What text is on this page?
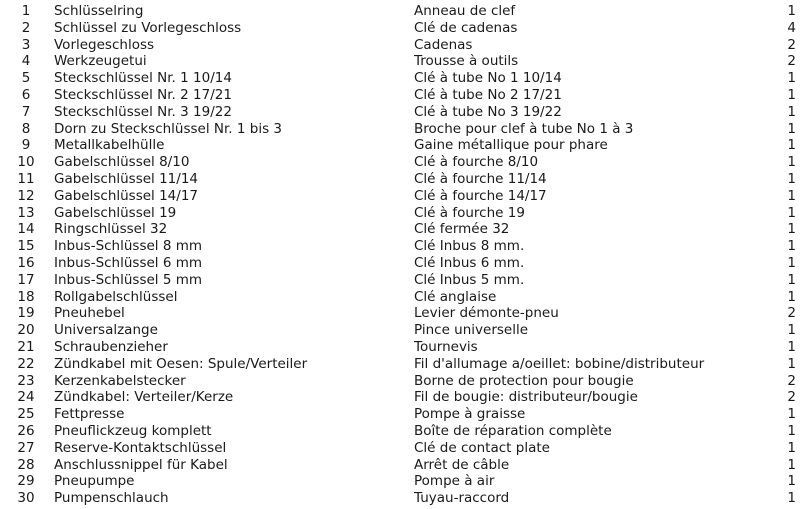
1	Schlüsselring	Anneau de clef	1
2	Schlüssel zu Vorlegeschloss	Clé de cadenas	4
3	Vorlegeschloss	Cadenas	2
4	Werkzeugetui	Trousse à outils	2
5	Steckschlüssel Nr. 1 10/14	Clé à tube No 1 10/14	1
6	Steckschlüssel Nr. 2 17/21	Clé à tube No 2 17/21	1
7	Steckschlüssel Nr. 3 19/22	Clé à tube No 3 19/22	1
8	Dorn zu Steckschlüssel Nr. 1 bis 3	Broche pour clef à tube No 1 à 3	1
9	Metallkabelhülle	Gaine métallique pour phare	1
10	Gabelschlüssel 8/10	Clé à fourche 8/10	1
11	Gabelschlüssel 11/14	Clé à fourche 11/14	1
12	Gabelschlüssel 14/17	Clé à fourche 14/17	1
13	Gabelschlüssel 19	Clé à fourche 19	1
14	Ringschlüssel 32	Clé fermée 32	1
15	Inbus-Schlüssel 8 mm	Clé Inbus 8 mm.	1
16	Inbus-Schlüssel 6 mm	Clé Inbus 6 mm.	1
17	Inbus-Schlüssel 5 mm	Clé Inbus 5 mm.	1
18	Rollgabelschlüssel	Clé anglaise	1
19	Pneuhebel	Levier démonte-pneu	2
20	Universalzange	Pince universelle	1
21	Schraubenzieher	Tournevis	1
22	Zündkabel mit Oesen: Spule/Verteiler	Fil d'allumage a/oeillet: bobine/distributeur	1
23	Kerzenkabelstecker	Borne de protection pour bougie	2
24	Zündkabel: Verteiler/Kerze	Fil de bougie: distributeur/bougie	2
25	Fettpresse	Pompe à graisse	1
26	Pneuflickzeug komplett	Boîte de réparation complète	1
27	Reserve-Kontaktschlüssel	Clé de contact plate	1
28	Anschlussnippel für Kabel	Arrêt de câble	1
29	Pneupumpe	Pompe à air	1
30	Pumpenschlauch	Tuyau-raccord	1
